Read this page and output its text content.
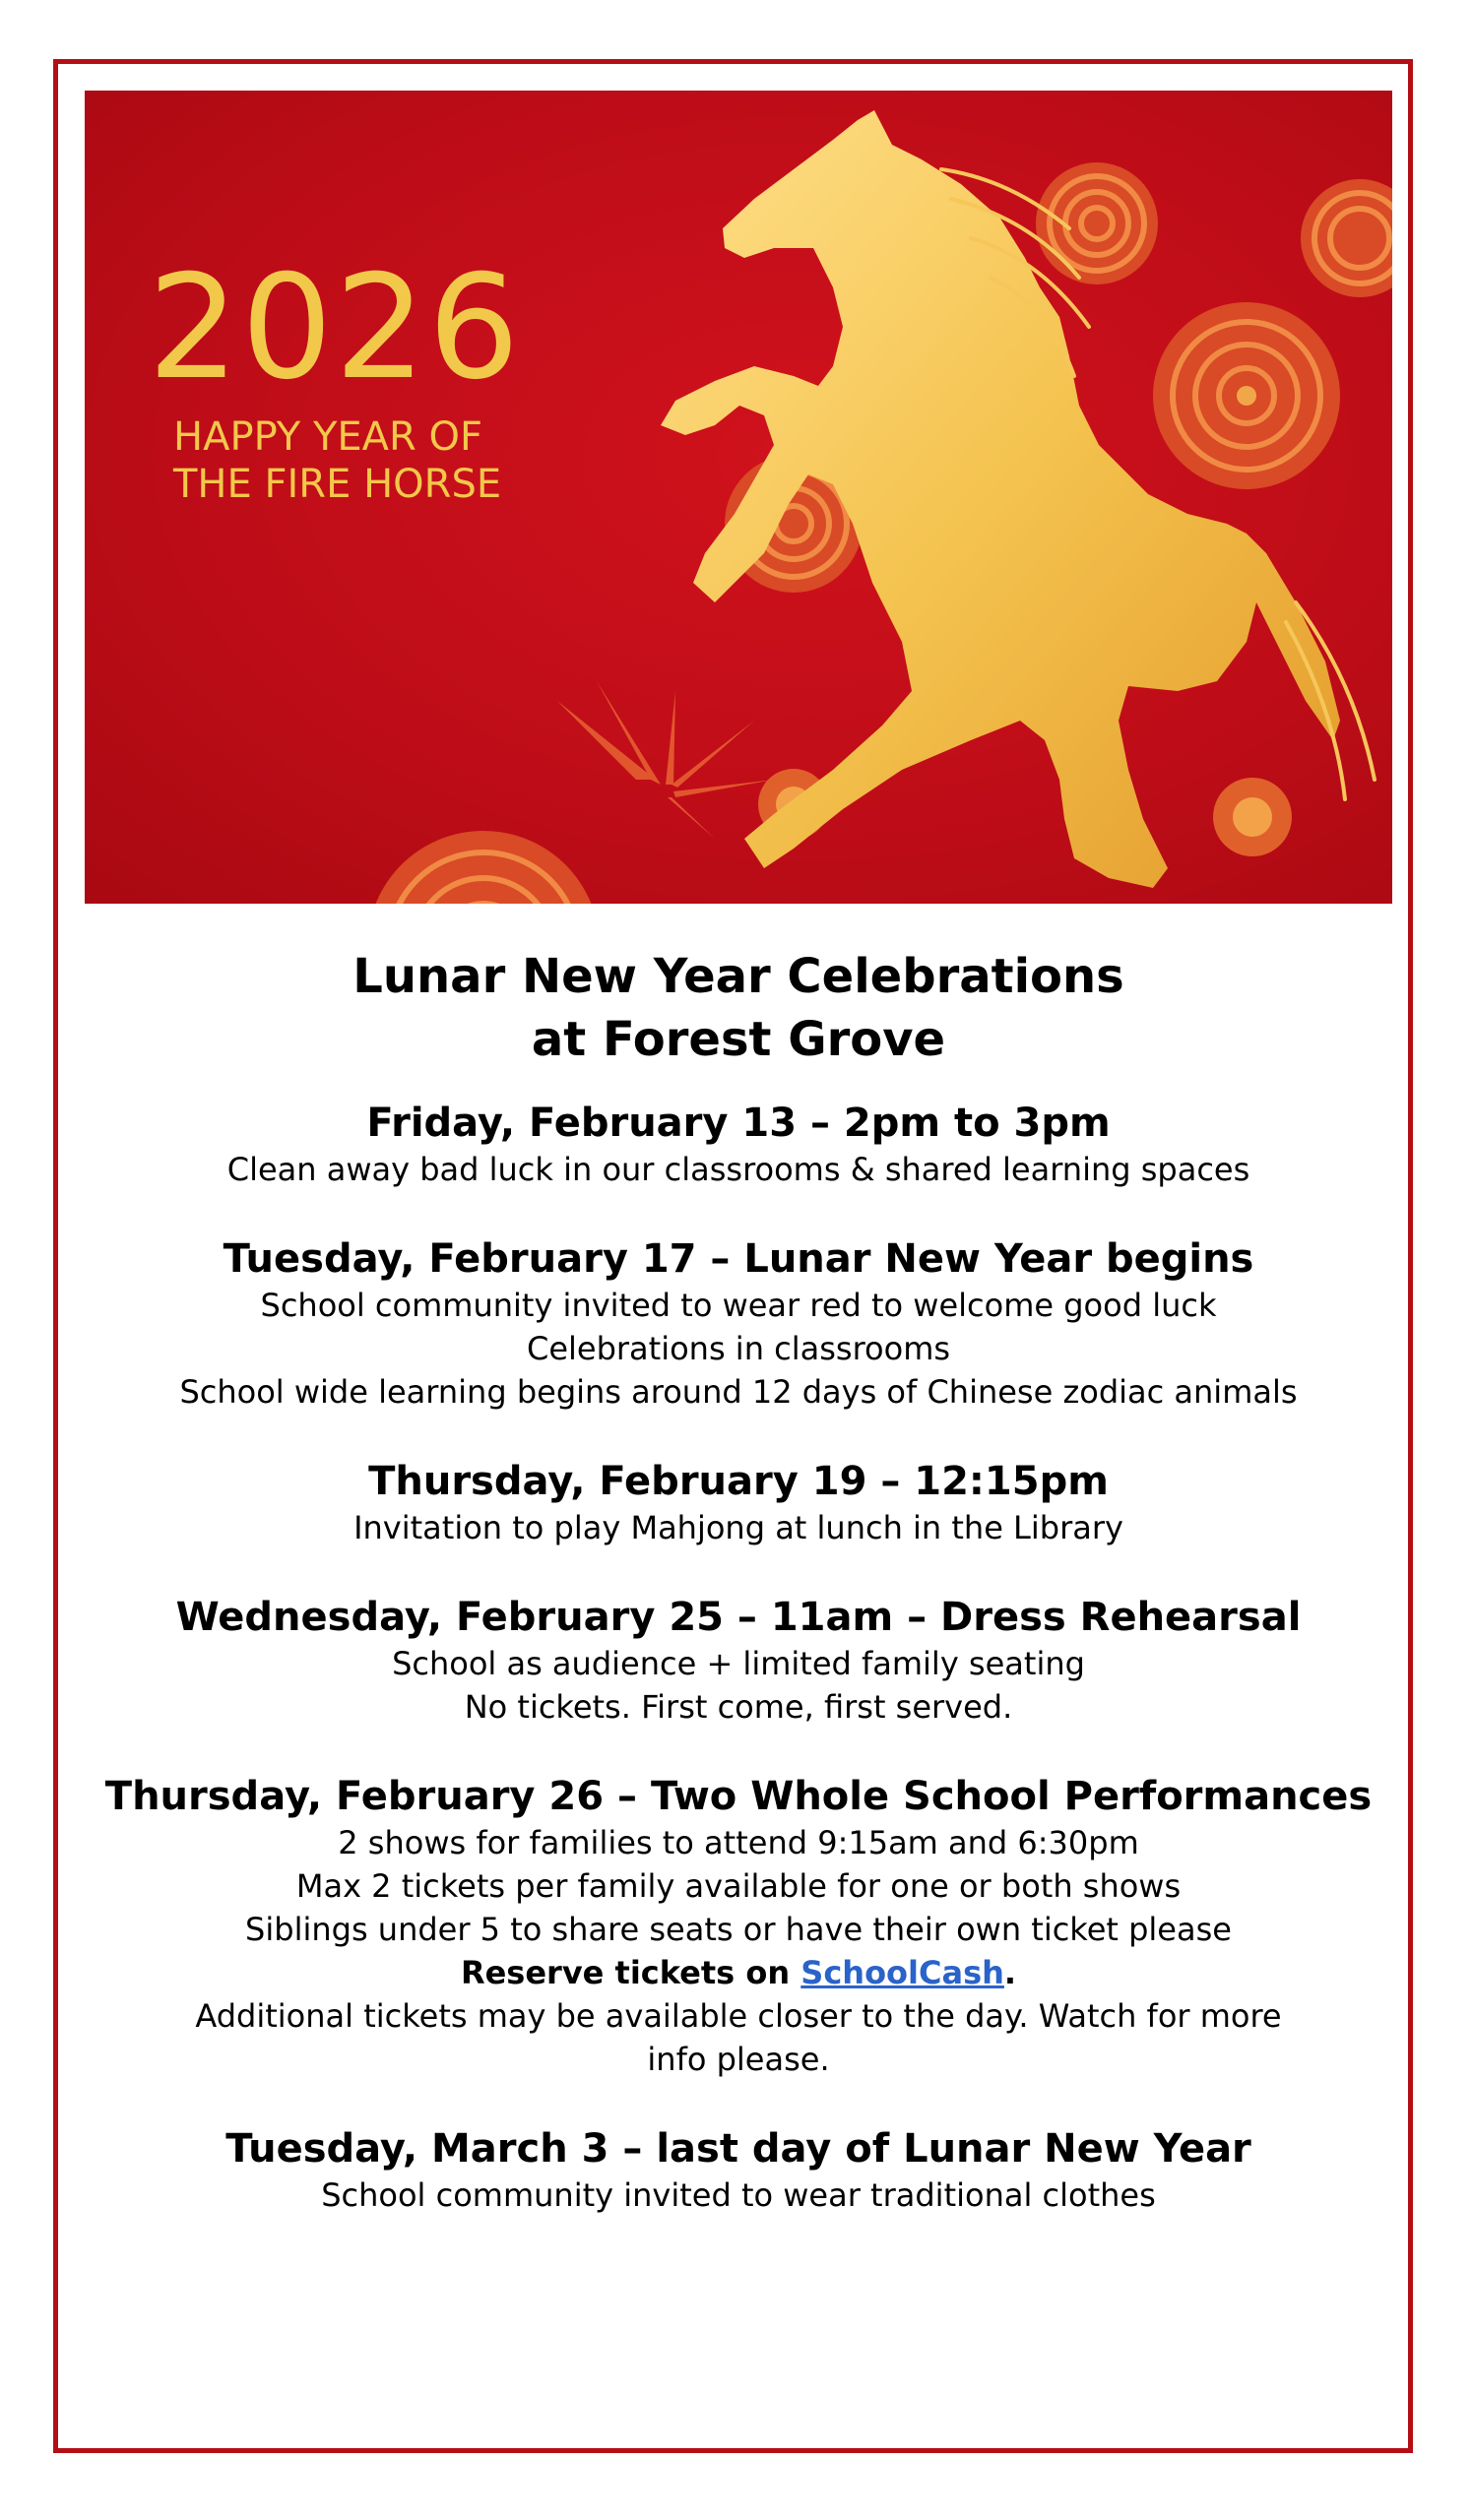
2026
HAPPY YEAR OF
THE FIRE HORSE
Lunar New Year Celebrations
at Forest Grove

Friday, February 13 – 2pm to 3pm

Clean away bad luck in our classrooms & shared learning spaces

Tuesday, February 17 – Lunar New Year begins

School community invited to wear red to welcome good luck

Celebrations in classrooms

School wide learning begins around 12 days of Chinese zodiac animals

Thursday, February 19 – 12:15pm

Invitation to play Mahjong at lunch in the Library

Wednesday, February 25 – 11am – Dress Rehearsal

School as audience + limited family seating

No tickets. First come, first served.

Thursday, February 26 – Two Whole School Performances

2 shows for families to attend 9:15am and 6:30pm

Max 2 tickets per family available for one or both shows

Siblings under 5 to share seats or have their own ticket please

Reserve tickets on SchoolCash.

Additional tickets may be available closer to the day. Watch for more info please.

Tuesday, March 3 – last day of Lunar New Year

School community invited to wear traditional clothes
